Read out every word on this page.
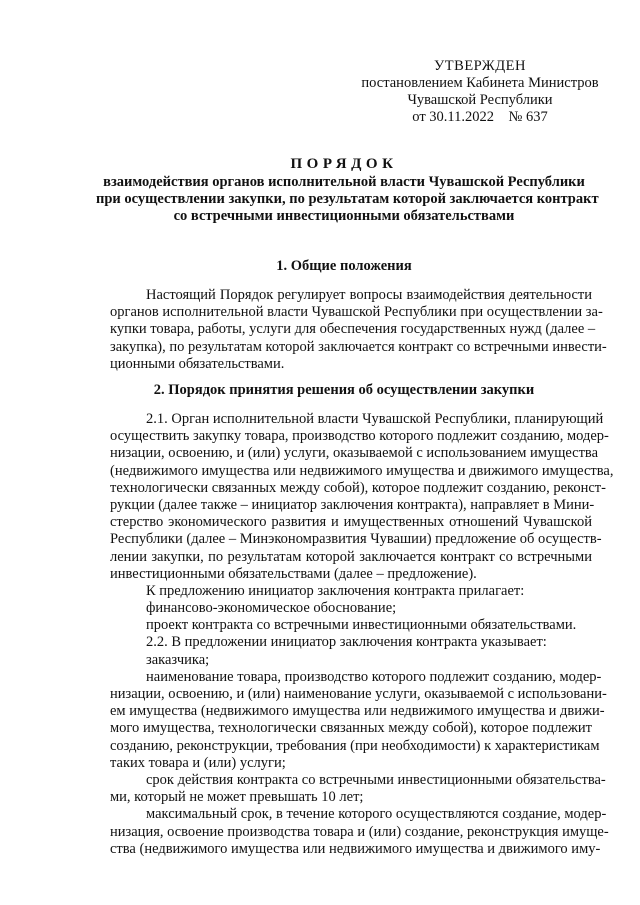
УТВЕРЖДЕН
постановлением Кабинета Министров
Чувашской Республики
от 30.11.2022    № 637
ПОРЯДОК
взаимодействия органов исполнительной власти Чувашской Республики
при осуществлении закупки, по результатам которой заключается контракт
со встречными инвестиционными обязательствами
1. Общие положения
Настоящий Порядок регулирует вопросы взаимодействия деятельности
органов исполнительной власти Чувашской Республики при осуществлении за-
купки товара, работы, услуги для обеспечения государственных нужд (далее –
закупка), по результатам которой заключается контракт со встречными инвести-
ционными обязательствами.
2. Порядок принятия решения об осуществлении закупки
2.1. Орган исполнительной власти Чувашской Республики, планирующий
осуществить закупку товара, производство которого подлежит созданию, модер-
низации, освоению, и (или) услуги, оказываемой с использованием имущества
(недвижимого имущества или недвижимого имущества и движимого имущества,
технологически связанных между собой), которое подлежит созданию, реконст-
рукции (далее также – инициатор заключения контракта), направляет в Мини-
стерство экономического развития и имущественных отношений Чувашской
Республики (далее – Минэкономразвития Чувашии) предложение об осуществ-
лении закупки, по результатам которой заключается контракт со встречными
инвестиционными обязательствами (далее – предложение).
К предложению инициатор заключения контракта прилагает:
финансово-экономическое обоснование;
проект контракта со встречными инвестиционными обязательствами.
2.2. В предложении инициатор заключения контракта указывает:
заказчика;
наименование товара, производство которого подлежит созданию, модер-
низации, освоению, и (или) наименование услуги, оказываемой с использовани-
ем имущества (недвижимого имущества или недвижимого имущества и движи-
мого имущества, технологически связанных между собой), которое подлежит
созданию, реконструкции, требования (при необходимости) к характеристикам
таких товара и (или) услуги;
срок действия контракта со встречными инвестиционными обязательства-
ми, который не может превышать 10 лет;
максимальный срок, в течение которого осуществляются создание, модер-
низация, освоение производства товара и (или) создание, реконструкция имуще-
ства (недвижимого имущества или недвижимого имущества и движимого иму-
